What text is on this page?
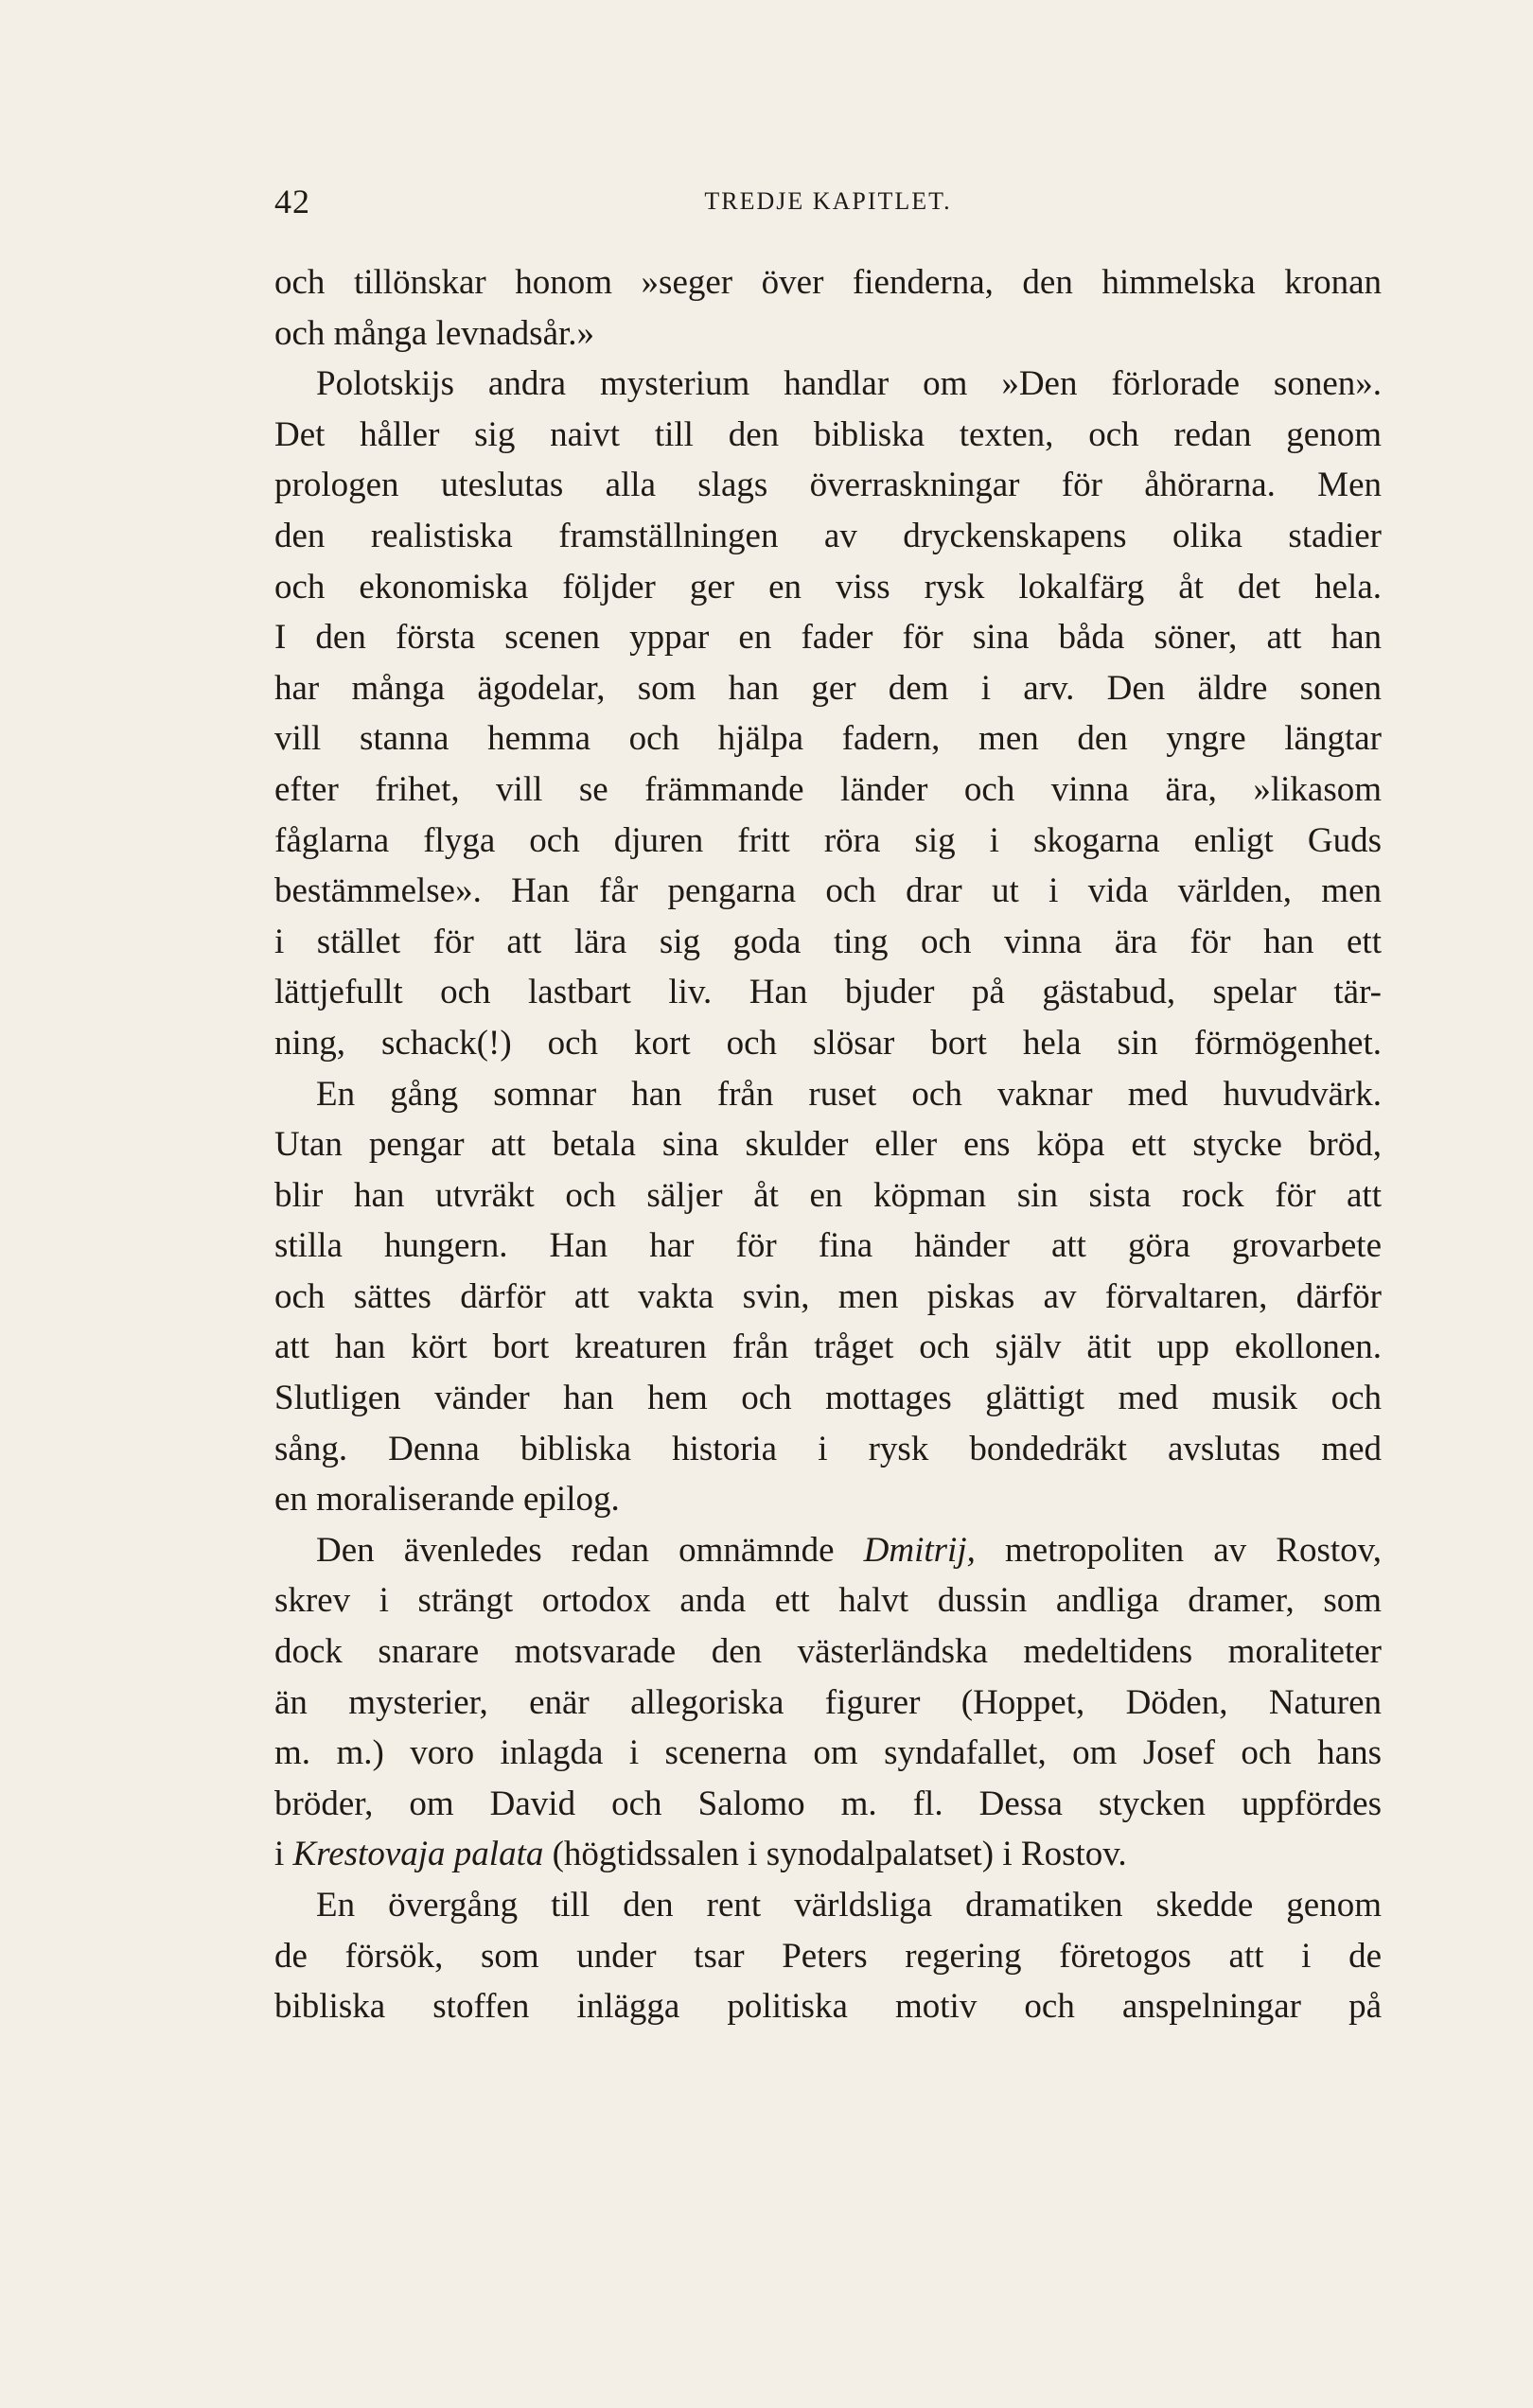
42	TREDJE KAPITLET.
och tillönskar honom »seger över fienderna, den himmelska kronan
och många levnadsår.»
Polotskijs andra mysterium handlar om »Den förlorade sonen».
Det håller sig naivt till den bibliska texten, och redan genom
prologen uteslutas alla slags överraskningar för åhörarna. Men
den realistiska framställningen av dryckenskapens olika stadier
och ekonomiska följder ger en viss rysk lokalfärg åt det hela.
I den första scenen yppar en fader för sina båda söner, att han
har många ägodelar, som han ger dem i arv. Den äldre sonen
vill stanna hemma och hjälpa fadern, men den yngre längtar
efter frihet, vill se främmande länder och vinna ära, »likasom
fåglarna flyga och djuren fritt röra sig i skogarna enligt Guds
bestämmelse». Han får pengarna och drar ut i vida världen, men
i stället för att lära sig goda ting och vinna ära för han ett
lättjefullt och lastbart liv. Han bjuder på gästabud, spelar tär-
ning, schack(!) och kort och slösar bort hela sin förmögenhet.
En gång somnar han från ruset och vaknar med huvudvärk.
Utan pengar att betala sina skulder eller ens köpa ett stycke bröd,
blir han utvräkt och säljer åt en köpman sin sista rock för att
stilla hungern. Han har för fina händer att göra grovarbete
och sättes därför att vakta svin, men piskas av förvaltaren, därför
att han kört bort kreaturen från tråget och själv ätit upp ekollonen.
Slutligen vänder han hem och mottages glättigt med musik och
sång. Denna bibliska historia i rysk bondedräkt avslutas med
en moraliserande epilog.
Den ävenledes redan omnämnde Dmitrij, metropoliten av Rostov,
skrev i strängt ortodox anda ett halvt dussin andliga dramer, som
dock snarare motsvarade den västerländska medeltidens moraliteter
än mysterier, enär allegoriska figurer (Hoppet, Döden, Naturen
m. m.) voro inlagda i scenerna om syndafallet, om Josef och hans
bröder, om David och Salomo m. fl. Dessa stycken uppfördes
i Krestovaja palata (högtidssalen i synodalpalatset) i Rostov.
En övergång till den rent världsliga dramatiken skedde genom
de försök, som under tsar Peters regering företogos att i de
bibliska stoffen inlägga politiska motiv och anspelningar på
